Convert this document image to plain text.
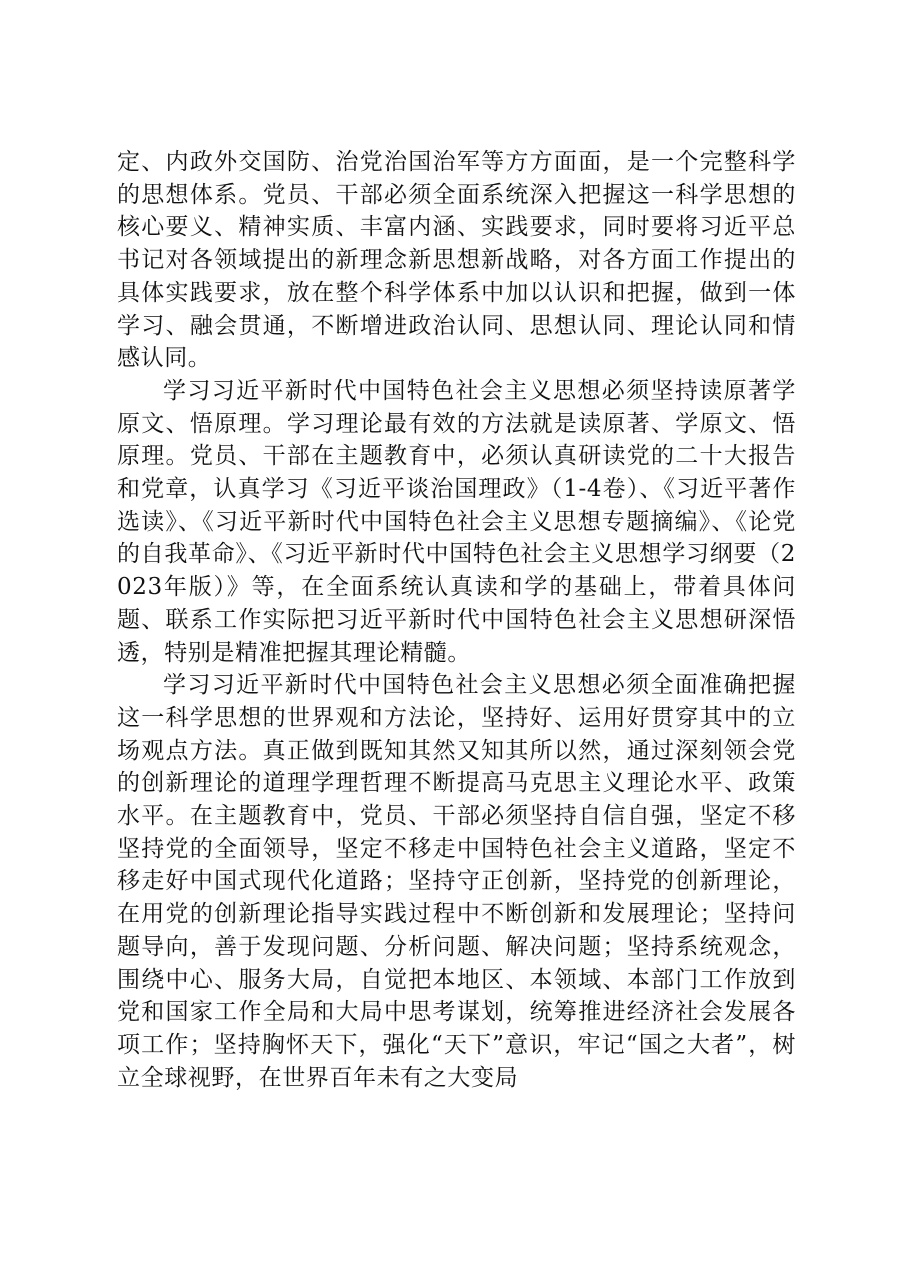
定、内政外交国防、治党治国治军等方方面面，是一个完整科学的思想体系。党员、干部必须全面系统深入把握这一科学思想的核心要义、精神实质、丰富内涵、实践要求，同时要将习近平总书记对各领域提出的新理念新思想新战略，对各方面工作提出的具体实践要求，放在整个科学体系中加以认识和把握，做到一体学习、融会贯通，不断增进政治认同、思想认同、理论认同和情感认同。

学习习近平新时代中国特色社会主义思想必须坚持读原著学原文、悟原理。学习理论最有效的方法就是读原著、学原文、悟原理。党员、干部在主题教育中，必须认真研读党的二十大报告和党章，认真学习《习近平谈治国理政》（1-4卷）、《习近平著作选读》、《习近平新时代中国特色社会主义思想专题摘编》、《论党的自我革命》、《习近平新时代中国特色社会主义思想学习纲要（2023年版）》等，在全面系统认真读和学的基础上，带着具体问题、联系工作实际把习近平新时代中国特色社会主义思想研深悟透，特别是精准把握其理论精髓。

学习习近平新时代中国特色社会主义思想必须全面准确把握这一科学思想的世界观和方法论，坚持好、运用好贯穿其中的立场观点方法。真正做到既知其然又知其所以然，通过深刻领会党的创新理论的道理学理哲理不断提高马克思主义理论水平、政策水平。在主题教育中，党员、干部必须坚持自信自强，坚定不移坚持党的全面领导，坚定不移走中国特色社会主义道路，坚定不移走好中国式现代化道路；坚持守正创新，坚持党的创新理论，在用党的创新理论指导实践过程中不断创新和发展理论；坚持问题导向，善于发现问题、分析问题、解决问题；坚持系统观念，围绕中心、服务大局，自觉把本地区、本领域、本部门工作放到党和国家工作全局和大局中思考谋划，统筹推进经济社会发展各项工作；坚持胸怀天下，强化“天下”意识，牢记“国之大者”，树立全球视野，在世界百年未有之大变局
